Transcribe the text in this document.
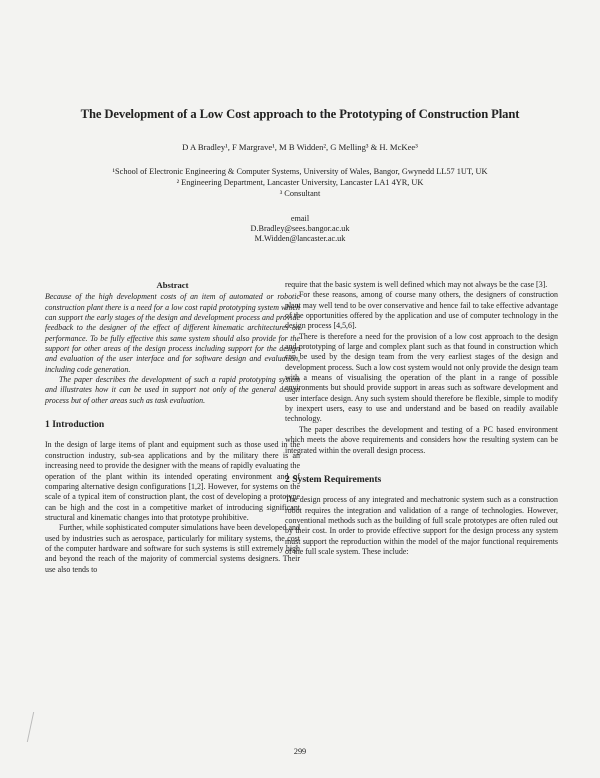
The Development of a Low Cost approach to the Prototyping of Construction Plant
D A Bradley¹, F Margrave¹, M B Widden², G Melling³ & H. McKee³
¹School of Electronic Engineering & Computer Systems, University of Wales, Bangor, Gwynedd LL57 1UT, UK
² Engineering Department, Lancaster University, Lancaster LA1 4YR, UK
³ Consultant
email
D.Bradley@sees.bangor.ac.uk
M.Widden@lancaster.ac.uk

Abstract

Because of the high development costs of an item of automated or robotic construction plant there is a need for a low cost rapid prototyping system which can support the early stages of the design and development process and provide feedback to the designer of the effect of different kinematic architectures on performance. To be fully effective this same system should also provide for the support for other areas of the design process including support for the design and evaluation of the user interface and for software design and evaluation, including code generation.

The paper describes the development of such a rapid prototyping system and illustrates how it can be used in support not only of the general design process but of other areas such as task evaluation.

1 Introduction

In the design of large items of plant and equipment such as those used in the construction industry, sub-sea applications and by the military there is an increasing need to provide the designer with the means of rapidly evaluating the operation of the plant within its intended operating environment and of comparing alternative design configurations [1,2]. However, for systems on the scale of a typical item of construction plant, the cost of developing a prototype can be high and the cost in a competitive market of introducing significant structural and kinematic changes into that prototype prohibitive.

Further, while sophisticated computer simulations have been developed and used by industries such as aerospace, particularly for military systems, the cost of the computer hardware and software for such systems is still extremely high and beyond the reach of the majority of commercial systems designers. Their use also tends to

require that the basic system is well defined which may not always be the case [3].

For these reasons, among of course many others, the designers of construction plant may well tend to be over conservative and hence fail to take effective advantage of the opportunities offered by the application and use of computer technology in the design process [4,5,6].

There is therefore a need for the provision of a low cost approach to the design and prototyping of large and complex plant such as that found in construction which can be used by the design team from the very earliest stages of the design and development process. Such a low cost system would not only provide the design team with a means of visualising the operation of the plant in a range of possible environments but should provide support in areas such as software development and user interface design. Any such system should therefore be flexible, simple to modify by inexpert users, easy to use and understand and be based on readily available technology.

The paper describes the development and testing of a PC based environment which meets the above requirements and considers how the resulting system can be integrated within the overall design process.

2 System Requirements

The design process of any integrated and mechatronic system such as a construction robot requires the integration and validation of a range of technologies. However, conventional methods such as the building of full scale prototypes are often ruled out by their cost. In order to provide effective support for the design process any system must support the reproduction within the model of the major functional requirements of the full scale system. These include:

299
